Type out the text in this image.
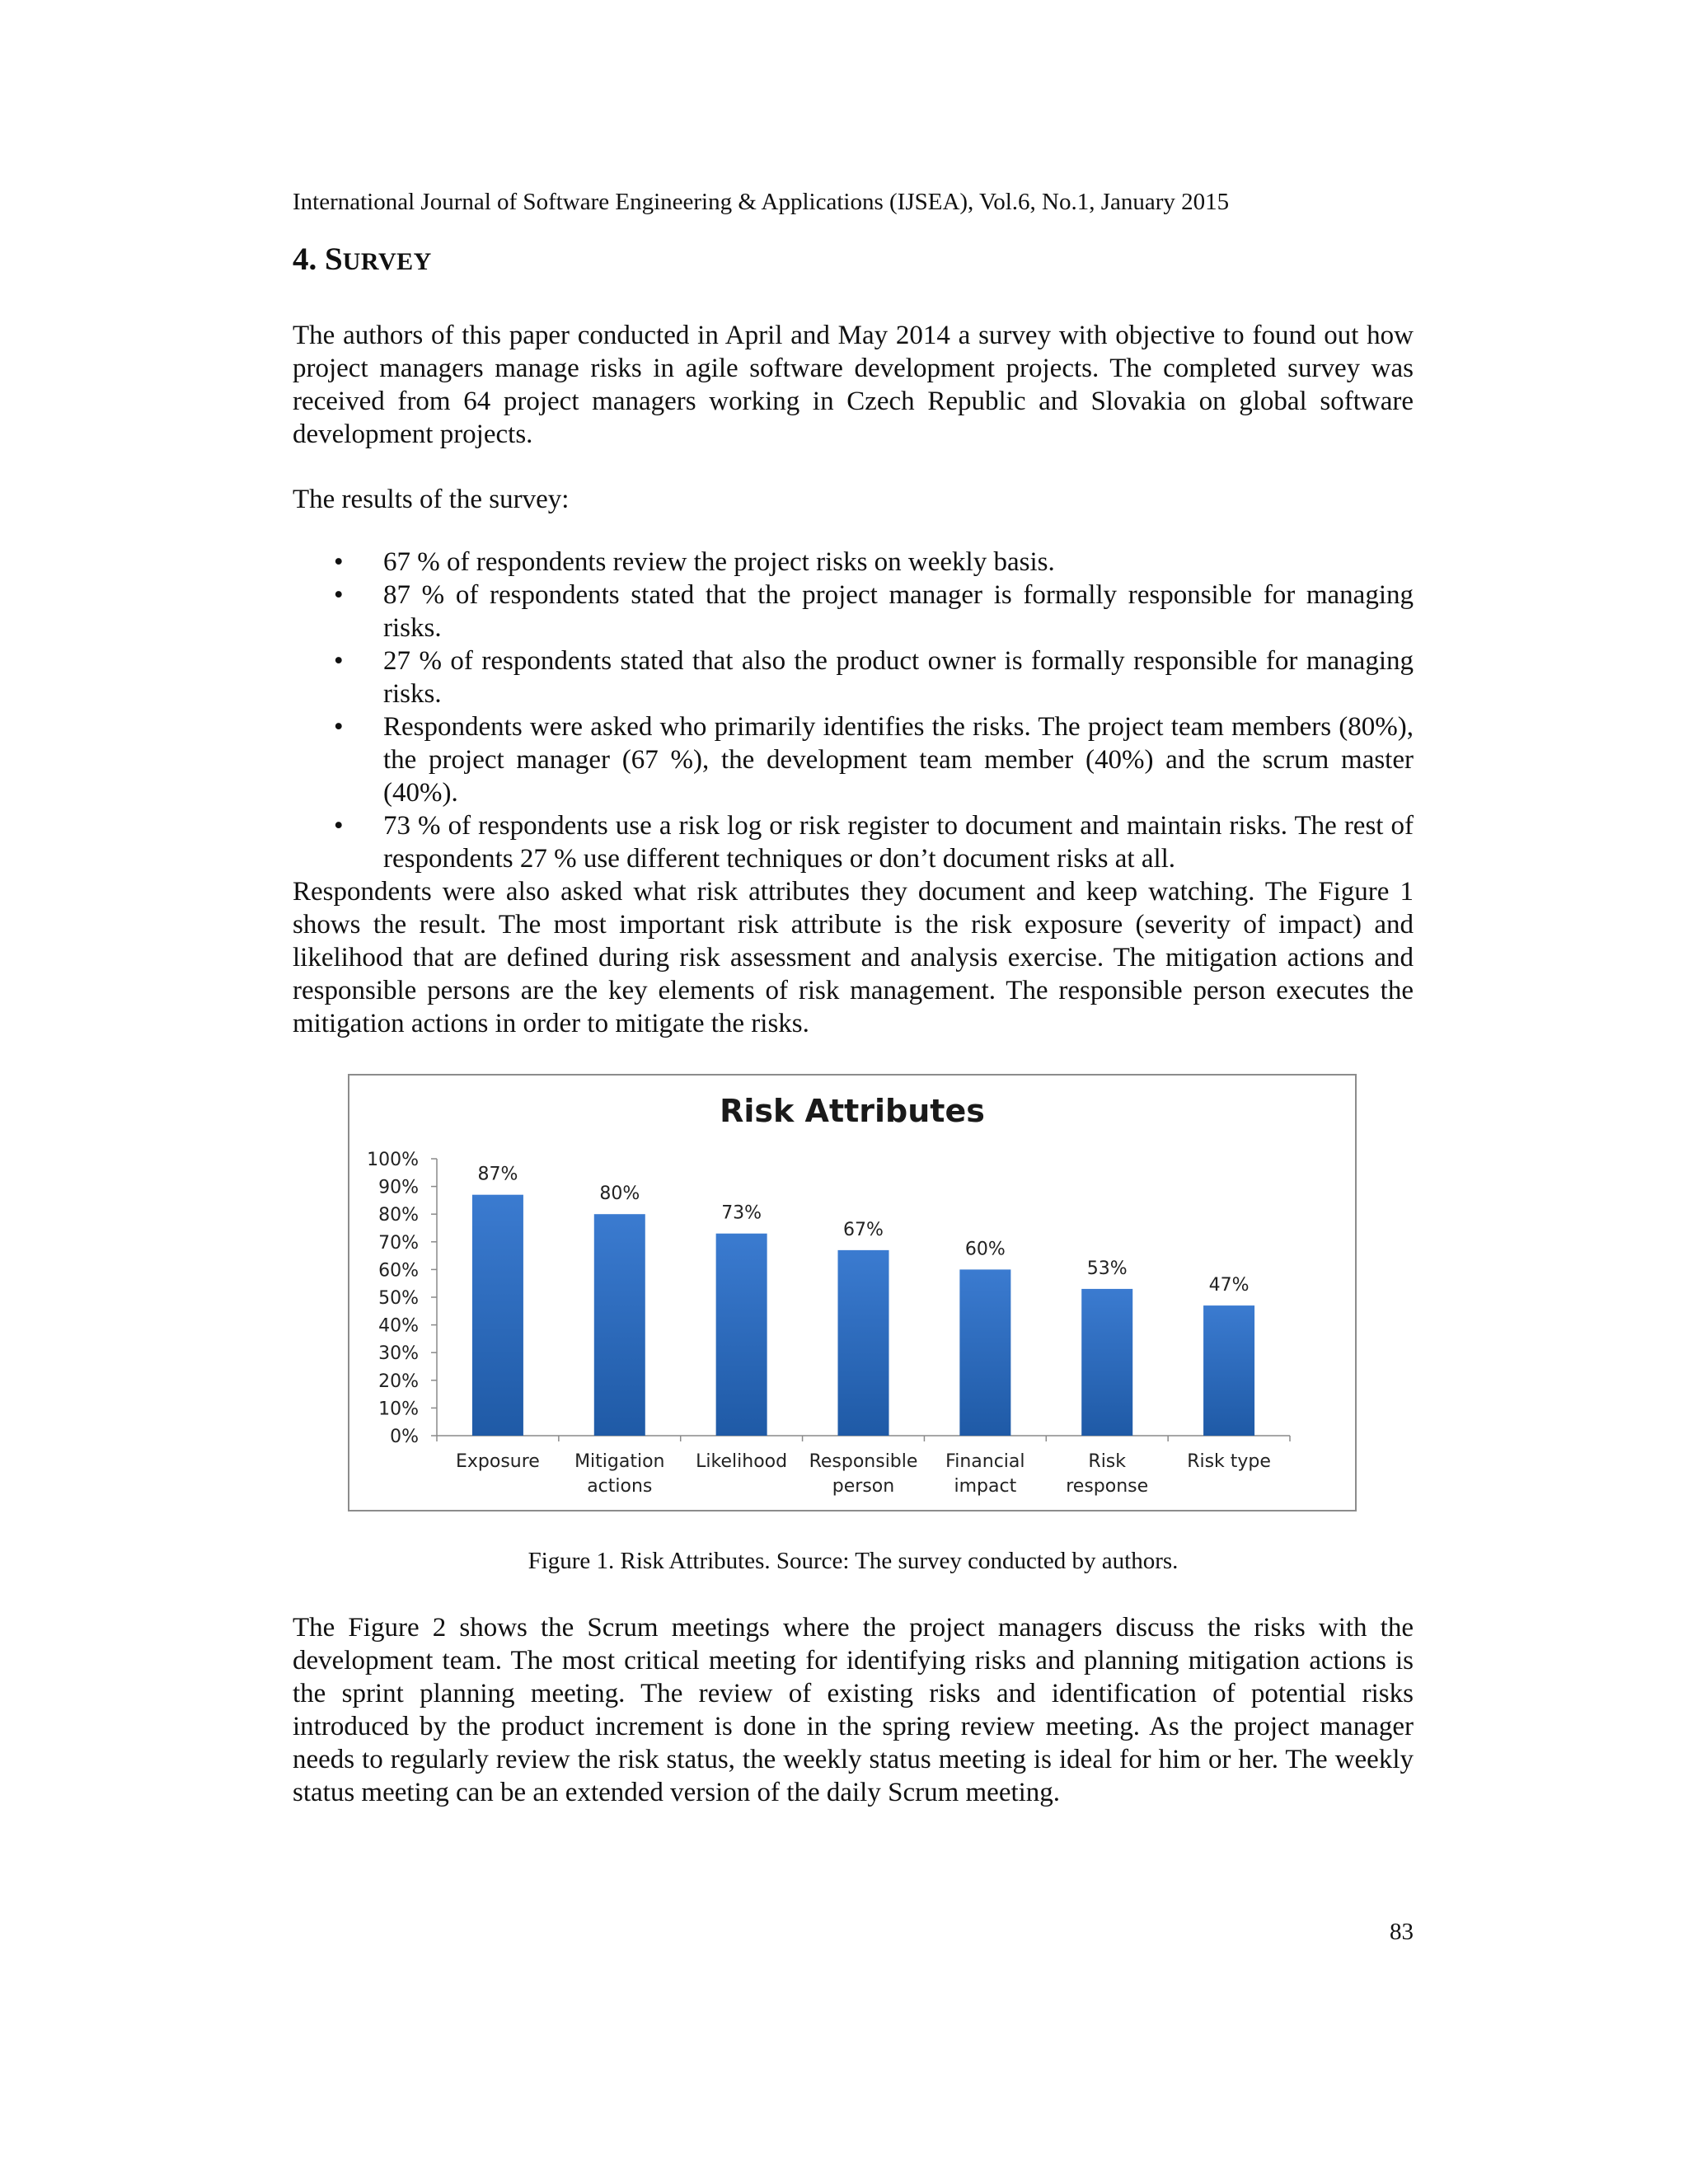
International Journal of Software Engineering & Applications (IJSEA), Vol.6, No.1, January 2015
4. SURVEY

The authors of this paper conducted in April and May 2014 a survey with objective to found out how project managers manage risks in agile software development projects. The completed survey was received from 64 project managers working in Czech Republic and Slovakia on global software development projects.

The results of the survey:

• 67 % of respondents review the project risks on weekly basis.
• 87 % of respondents stated that the project manager is formally responsible for managing risks.
• 27 % of respondents stated that also the product owner is formally responsible for managing risks.
• Respondents were asked who primarily identifies the risks. The project team members (80%), the project manager (67 %), the development team member (40%) and the scrum master (40%).
• 73 % of respondents use a risk log or risk register to document and maintain risks. The rest of respondents 27 % use different techniques or don’t document risks at all.

Respondents were also asked what risk attributes they document and keep watching. The Figure 1 shows the result. The most important risk attribute is the risk exposure (severity of impact) and likelihood that are defined during risk assessment and analysis exercise. The mitigation actions and responsible persons are the key elements of risk management. The responsible person executes the mitigation actions in order to mitigate the risks.

Risk Attributes
0%
10%
20%
30%
40%
50%
60%
70%
80%
90%
100%
87%
Exposure
80%
Mitigation
actions
73%
Likelihood
67%
Responsible
person
60%
Financial
impact
53%
Risk
response
47%
Risk type
Figure 1. Risk Attributes. Source: The survey conducted by authors.

The Figure 2 shows the Scrum meetings where the project managers discuss the risks with the development team. The most critical meeting for identifying risks and planning mitigation actions is the sprint planning meeting. The review of existing risks and identification of potential risks introduced by the product increment is done in the spring review meeting. As the project manager needs to regularly review the risk status, the weekly status meeting is ideal for him or her. The weekly status meeting can be an extended version of the daily Scrum meeting.

83
